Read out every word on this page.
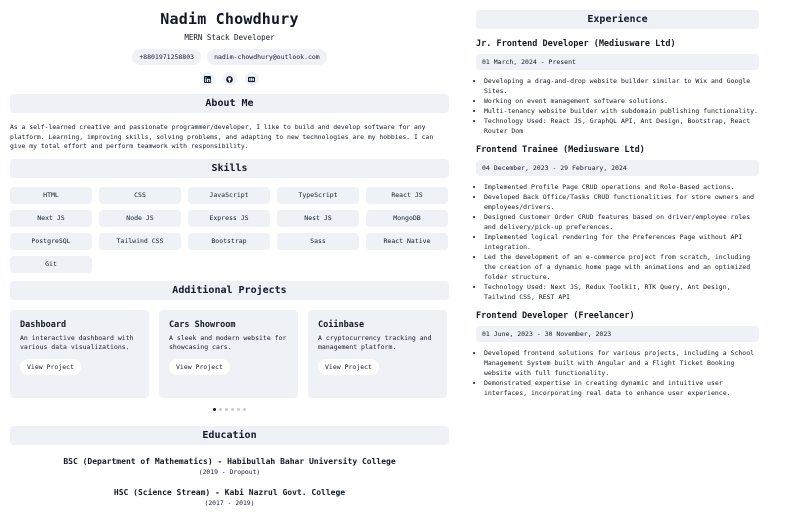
Nadim Chowdhury
MERN Stack Developer
+8801971258803	nadim-chowdhury@outlook.com
About Me
As a self-learned creative and passionate programmer/developer, I like to build and develop software for any platform. Learning, improving skills, solving problems, and adapting to new technologies are my hobbies. I can give my total effort and perform teamwork with responsibility.
Skills
HTML	CSS	JavaScript	TypeScript	React JS
Next JS	Node JS	Express JS	Nest JS	MongoDB
PostgreSQL	Tailwind CSS	Bootstrap	Sass	React Native
Git
Additional Projects
Dashboard
An interactive dashboard with various data visualizations.
View Project
Cars Showroom
A sleek and modern website for showcasing cars.
View Project
Coiinbase
A cryptocurrency tracking and management platform.
View Project
Education
BSC (Department of Mathematics) - Habibullah Bahar University College
(2019 - Dropout)
HSC (Science Stream) - Kabi Nazrul Govt. College
(2017 - 2019)
Experience
Jr. Frontend Developer (Mediusware Ltd)
01 March, 2024 - Present
• Developing a drag-and-drop website builder similar to Wix and Google Sites.
• Working on event management software solutions.
• Multi-tenancy website builder with subdomain publishing functionality.
• Technology Used: React JS, GraphQL API, Ant Design, Bootstrap, React Router Dom
Frontend Trainee (Mediusware Ltd)
04 December, 2023 - 29 February, 2024
• Implemented Profile Page CRUD operations and Role-Based actions.
• Developed Back Office/Tasks CRUD functionalities for store owners and employees/drivers.
• Designed Customer Order CRUD features based on driver/employee roles and delivery/pick-up preferences.
• Implemented logical rendering for the Preferences Page without API integration.
• Led the development of an e-commerce project from scratch, including the creation of a dynamic home page with animations and an optimized folder structure.
• Technology Used: Next JS, Redux Toolkit, RTK Query, Ant Design, Tailwind CSS, REST API
Frontend Developer (Freelancer)
01 June, 2023 - 30 November, 2023
• Developed frontend solutions for various projects, including a School Management System built with Angular and a Flight Ticket Booking website with full functionality.
• Demonstrated expertise in creating dynamic and intuitive user interfaces, incorporating real data to enhance user experience.
